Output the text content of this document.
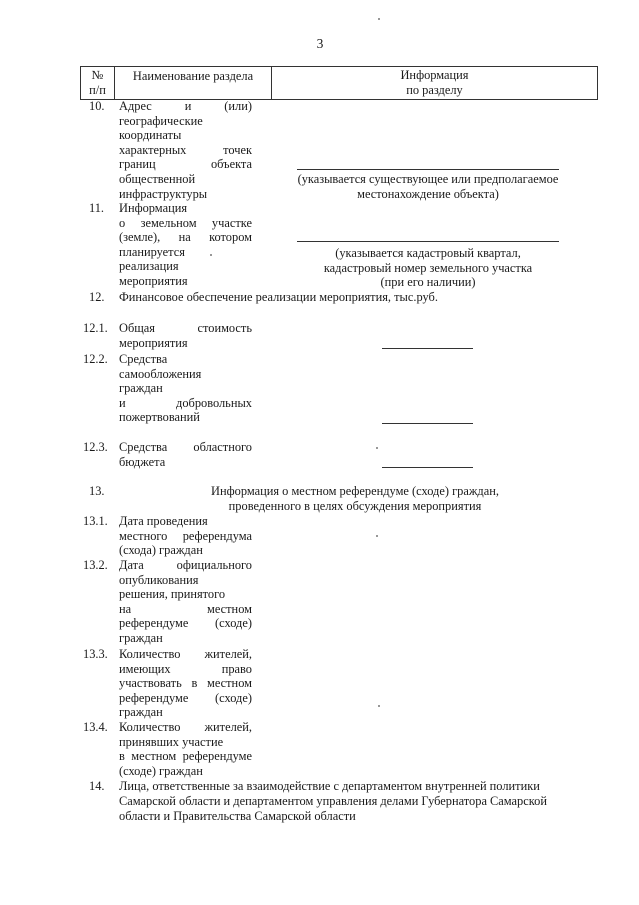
3
№
п/п
Наименование раздела	Информация
по разделу
10. Адрес и (или)
географические
координаты
характерных точек
границ объекта
общественной
инфраструктуры
(указывается существующее или предполагаемое
местонахождение объекта)
11. Информация
о земельном участке
(земле), на котором
планируется
реализация
мероприятия
(указывается кадастровый квартал,
кадастровый номер земельного участка
(при его наличии)
12. Финансовое обеспечение реализации мероприятия, тыс.руб.
12.1. Общая стоимость
мероприятия
12.2. Средства
самообложения
граждан
и добровольных
пожертвований
12.3. Средства областного
бюджета
13.	Информация о местном референдуме (сходе) граждан,
проведенного в целях обсуждения мероприятия
13.1. Дата проведения
местного референдума
(схода) граждан
13.2. Дата официального
опубликования
решения, принятого
на местном
референдуме (сходе)
граждан
13.3. Количество жителей,
имеющих право
участвовать в местном
референдуме (сходе)
граждан
13.4. Количество жителей,
принявших участие
в местном референдуме
(сходе) граждан
14. Лица, ответственные за взаимодействие с департаментом внутренней политики
Самарской области и департаментом управления делами Губернатора Самарской
области и Правительства Самарской области
